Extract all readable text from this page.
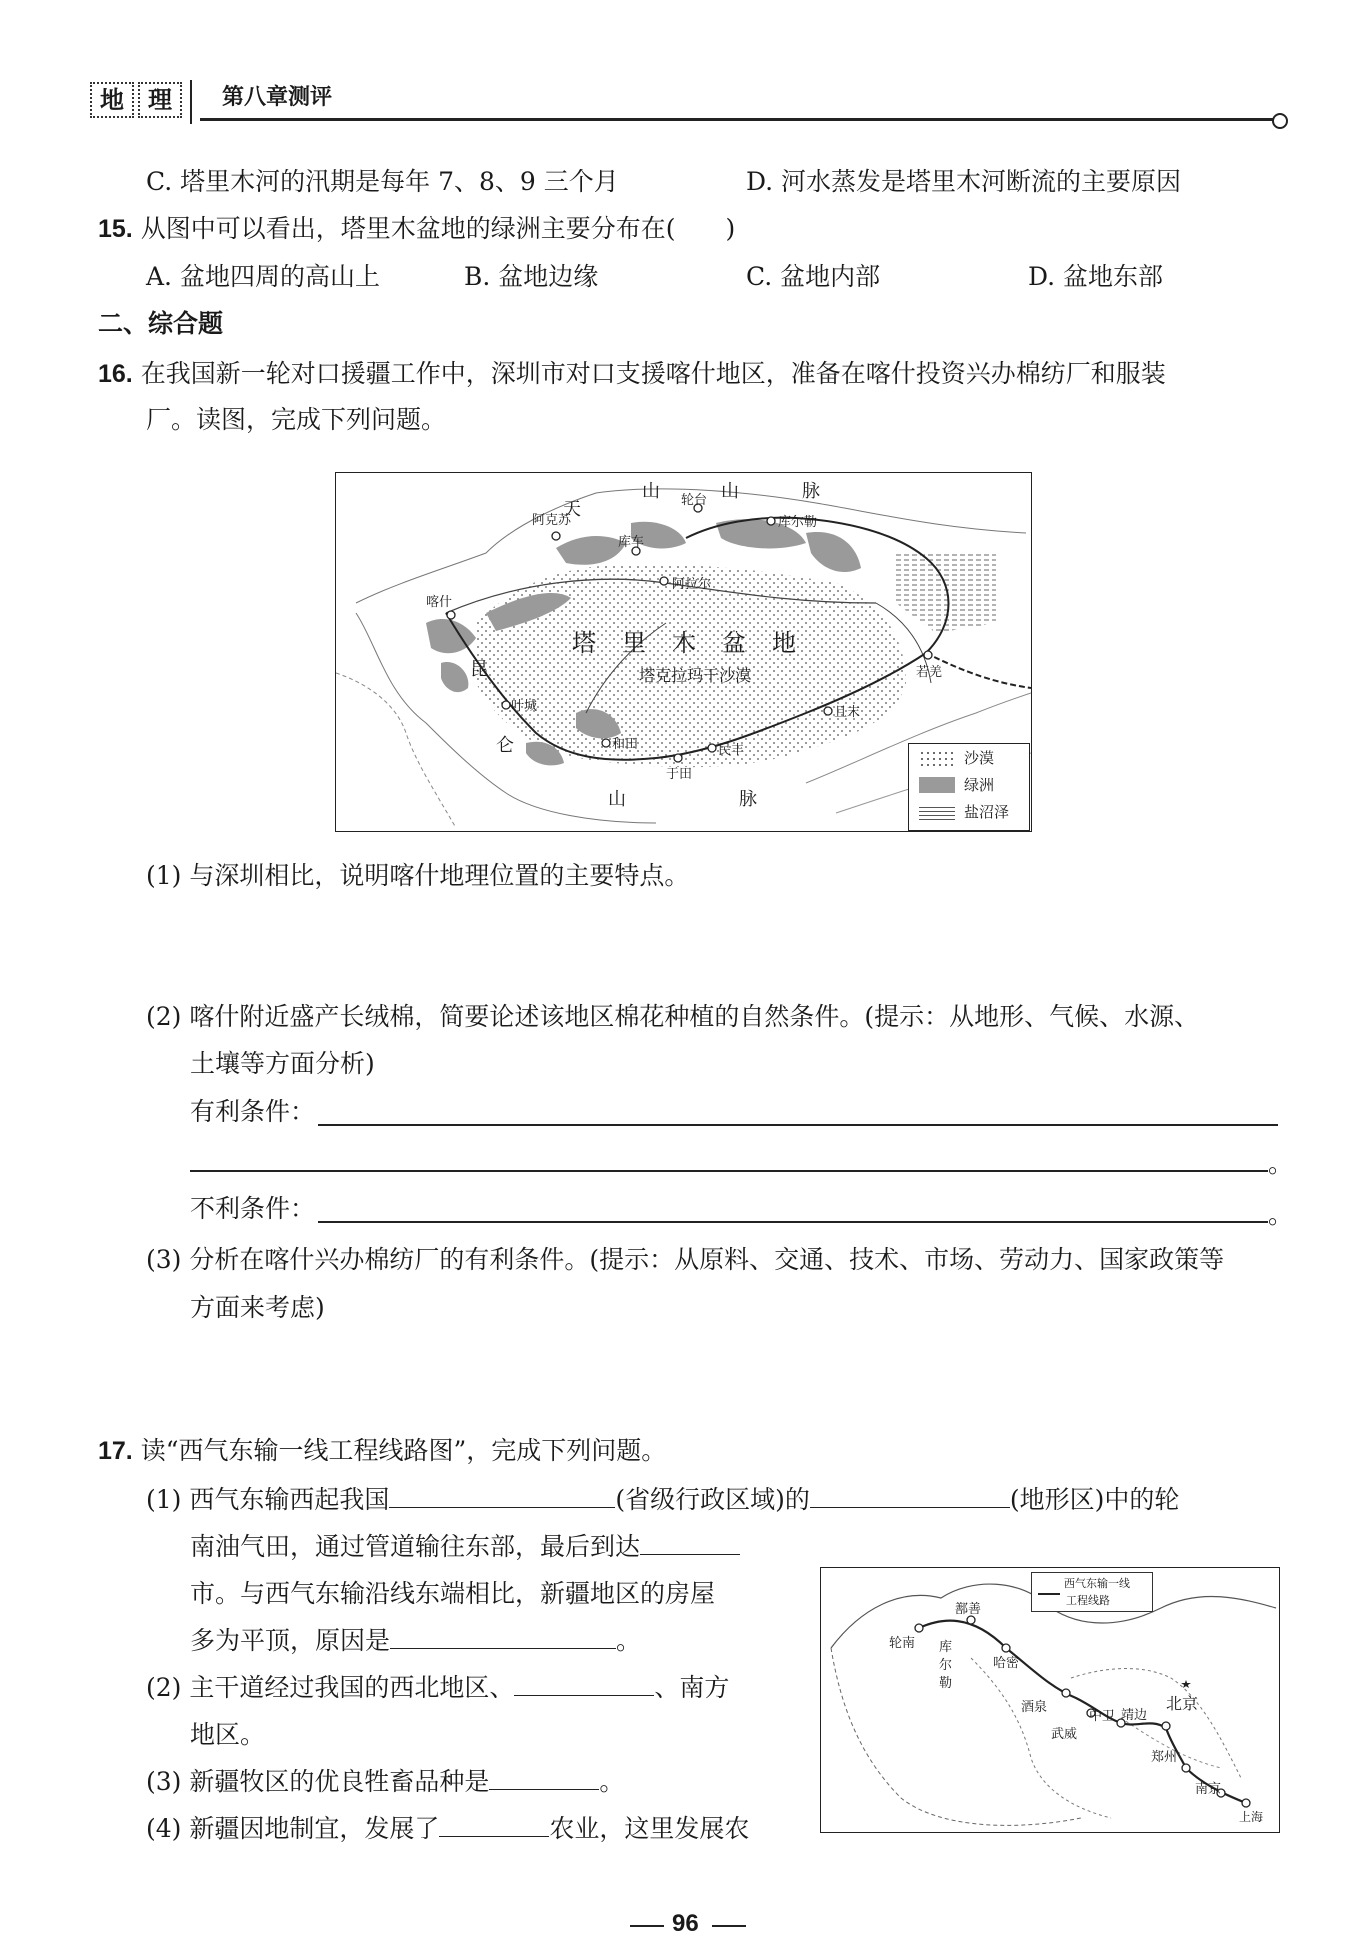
地	理	第八章测评
C. 塔里木河的汛期是每年 7、8、9 三个月	D. 河水蒸发是塔里木河断流的主要原因
15. 从图中可以看出，塔里木盆地的绿洲主要分布在(　　)
A. 盆地四周的高山上	B. 盆地边缘	C. 盆地内部	D. 盆地东部
二、综合题
16. 在我国新一轮对口援疆工作中，深圳市对口支援喀什地区，准备在喀什投资兴办棉纺厂和服装
厂。读图，完成下列问题。
塔　里　木　盆　地
塔克拉玛干沙漠
天
山	山	脉
昆
仑
山	脉
阿克苏
库车
轮台
库尔勒
阿拉尔
喀什
叶城
和田
于田
民丰
且末
若羌
沙漠
绿洲
盐沼泽
(1) 与深圳相比，说明喀什地理位置的主要特点。
(2) 喀什附近盛产长绒棉，简要论述该地区棉花种植的自然条件。(提示：从地形、气候、水源、
土壤等方面分析)
有利条件：
。
不利条件：	。
(3) 分析在喀什兴办棉纺厂的有利条件。(提示：从原料、交通、技术、市场、劳动力、国家政策等
方面来考虑)
17. 读“西气东输一线工程线路图”，完成下列问题。
(1) 西气东输西起我国	(省级行政区域)的	(地形区)中的轮
南油气田，通过管道输往东部，最后到达
市。与西气东输沿线东端相比，新疆地区的房屋
多为平顶，原因是	。
(2) 主干道经过我国的西北地区、	、南方
地区。
(3) 新疆牧区的优良牲畜品种是	。
(4) 新疆因地制宜，发展了	农业，这里发展农
西气东输一线
工程线路
轮南
鄯善
哈密
酒泉
武威
中卫 靖边
北京
郑州
南京
上海
库
尔
勒
96
